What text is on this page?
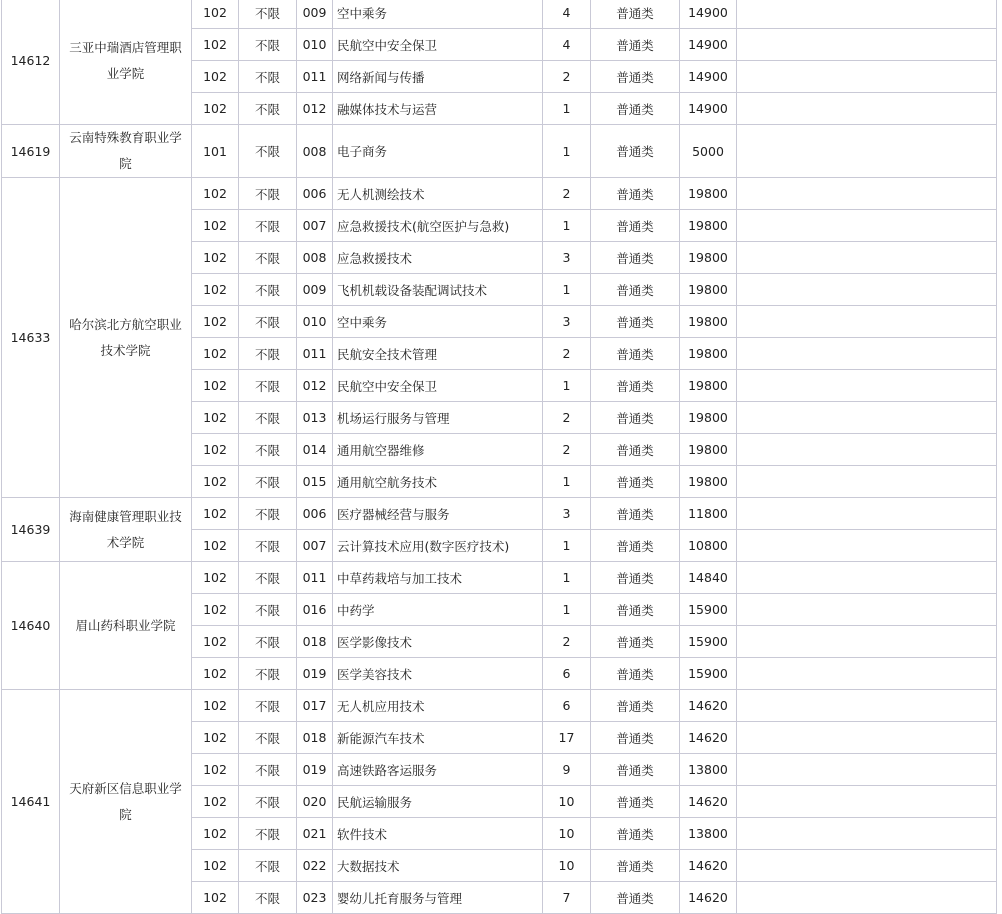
14612	三亚中瑞酒店管理职业学院	102	不限	009	空中乘务	4	普通类	14900	
		102	不限	010	民航空中安全保卫	4	普通类	14900	
		102	不限	011	网络新闻与传播	2	普通类	14900	
		102	不限	012	融媒体技术与运营	1	普通类	14900	
14619	云南特殊教育职业学院	101	不限	008	电子商务	1	普通类	5000	
14633	哈尔滨北方航空职业技术学院	102	不限	006	无人机测绘技术	2	普通类	19800	
		102	不限	007	应急救援技术(航空医护与急救)	1	普通类	19800	
		102	不限	008	应急救援技术	3	普通类	19800	
		102	不限	009	飞机机载设备装配调试技术	1	普通类	19800	
		102	不限	010	空中乘务	3	普通类	19800	
		102	不限	011	民航安全技术管理	2	普通类	19800	
		102	不限	012	民航空中安全保卫	1	普通类	19800	
		102	不限	013	机场运行服务与管理	2	普通类	19800	
		102	不限	014	通用航空器维修	2	普通类	19800	
		102	不限	015	通用航空航务技术	1	普通类	19800	
14639	海南健康管理职业技术学院	102	不限	006	医疗器械经营与服务	3	普通类	11800	
		102	不限	007	云计算技术应用(数字医疗技术)	1	普通类	10800	
14640	眉山药科职业学院	102	不限	011	中草药栽培与加工技术	1	普通类	14840	
		102	不限	016	中药学	1	普通类	15900	
		102	不限	018	医学影像技术	2	普通类	15900	
		102	不限	019	医学美容技术	6	普通类	15900	
14641	天府新区信息职业学院	102	不限	017	无人机应用技术	6	普通类	14620	
		102	不限	018	新能源汽车技术	17	普通类	14620	
		102	不限	019	高速铁路客运服务	9	普通类	13800	
		102	不限	020	民航运输服务	10	普通类	14620	
		102	不限	021	软件技术	10	普通类	13800	
		102	不限	022	大数据技术	10	普通类	14620	
		102	不限	023	婴幼儿托育服务与管理	7	普通类	14620	
